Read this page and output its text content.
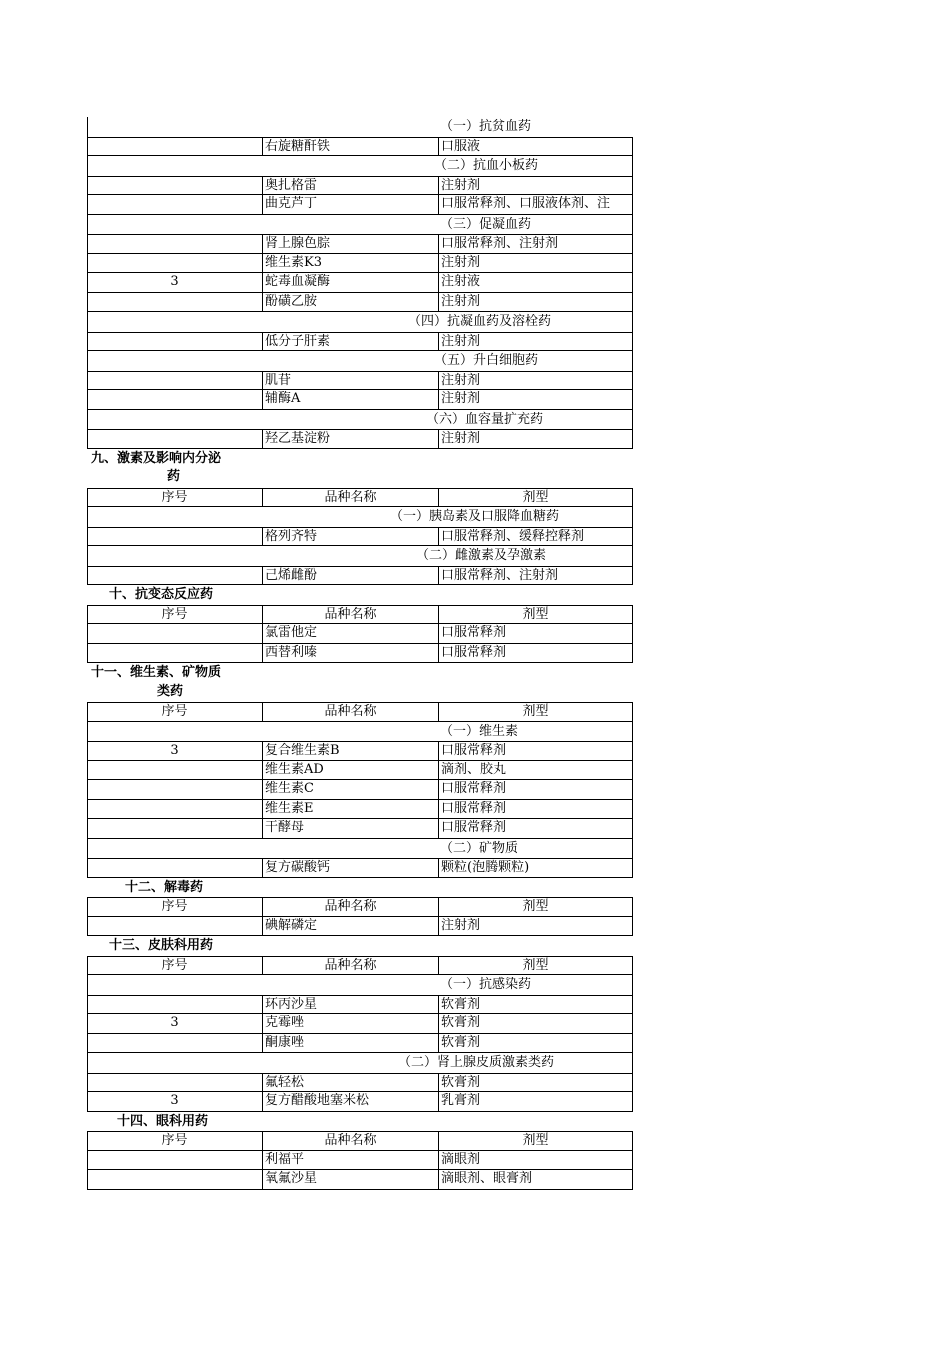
（一）抗贫血药
右旋糖酐铁	口服液
（二）抗血小板药
奥扎格雷	注射剂
曲克芦丁	口服常释剂、口服液体剂、注
（三）促凝血药
肾上腺色腙	口服常释剂、注射剂
维生素K3	注射剂
3	蛇毒血凝酶	注射液
酚磺乙胺	注射剂
（四）抗凝血药及溶栓药
低分子肝素	注射剂
（五）升白细胞药
肌苷	注射剂
辅酶A	注射剂
（六）血容量扩充药
羟乙基淀粉	注射剂
九、激素及影响内分泌
药
序号	品种名称	剂型
（一）胰岛素及口服降血糖药
格列齐特	口服常释剂、缓释控释剂
（二）雌激素及孕激素
己烯雌酚	口服常释剂、注射剂
十、抗变态反应药
序号	品种名称	剂型
氯雷他定	口服常释剂
西替利嗪	口服常释剂
十一、维生素、矿物质
类药
序号	品种名称	剂型
（一）维生素
3	复合维生素B	口服常释剂
维生素AD	滴剂、胶丸
维生素C	口服常释剂
维生素E	口服常释剂
干酵母	口服常释剂
（二）矿物质
复方碳酸钙	颗粒(泡腾颗粒)
十二、解毒药
序号	品种名称	剂型
碘解磷定	注射剂
十三、皮肤科用药
序号	品种名称	剂型
（一）抗感染药
环丙沙星	软膏剂
3	克霉唑	软膏剂
酮康唑	软膏剂
（二）肾上腺皮质激素类药
氟轻松	软膏剂
3	复方醋酸地塞米松	乳膏剂
十四、眼科用药
序号	品种名称	剂型
利福平	滴眼剂
氧氟沙星	滴眼剂、眼膏剂
